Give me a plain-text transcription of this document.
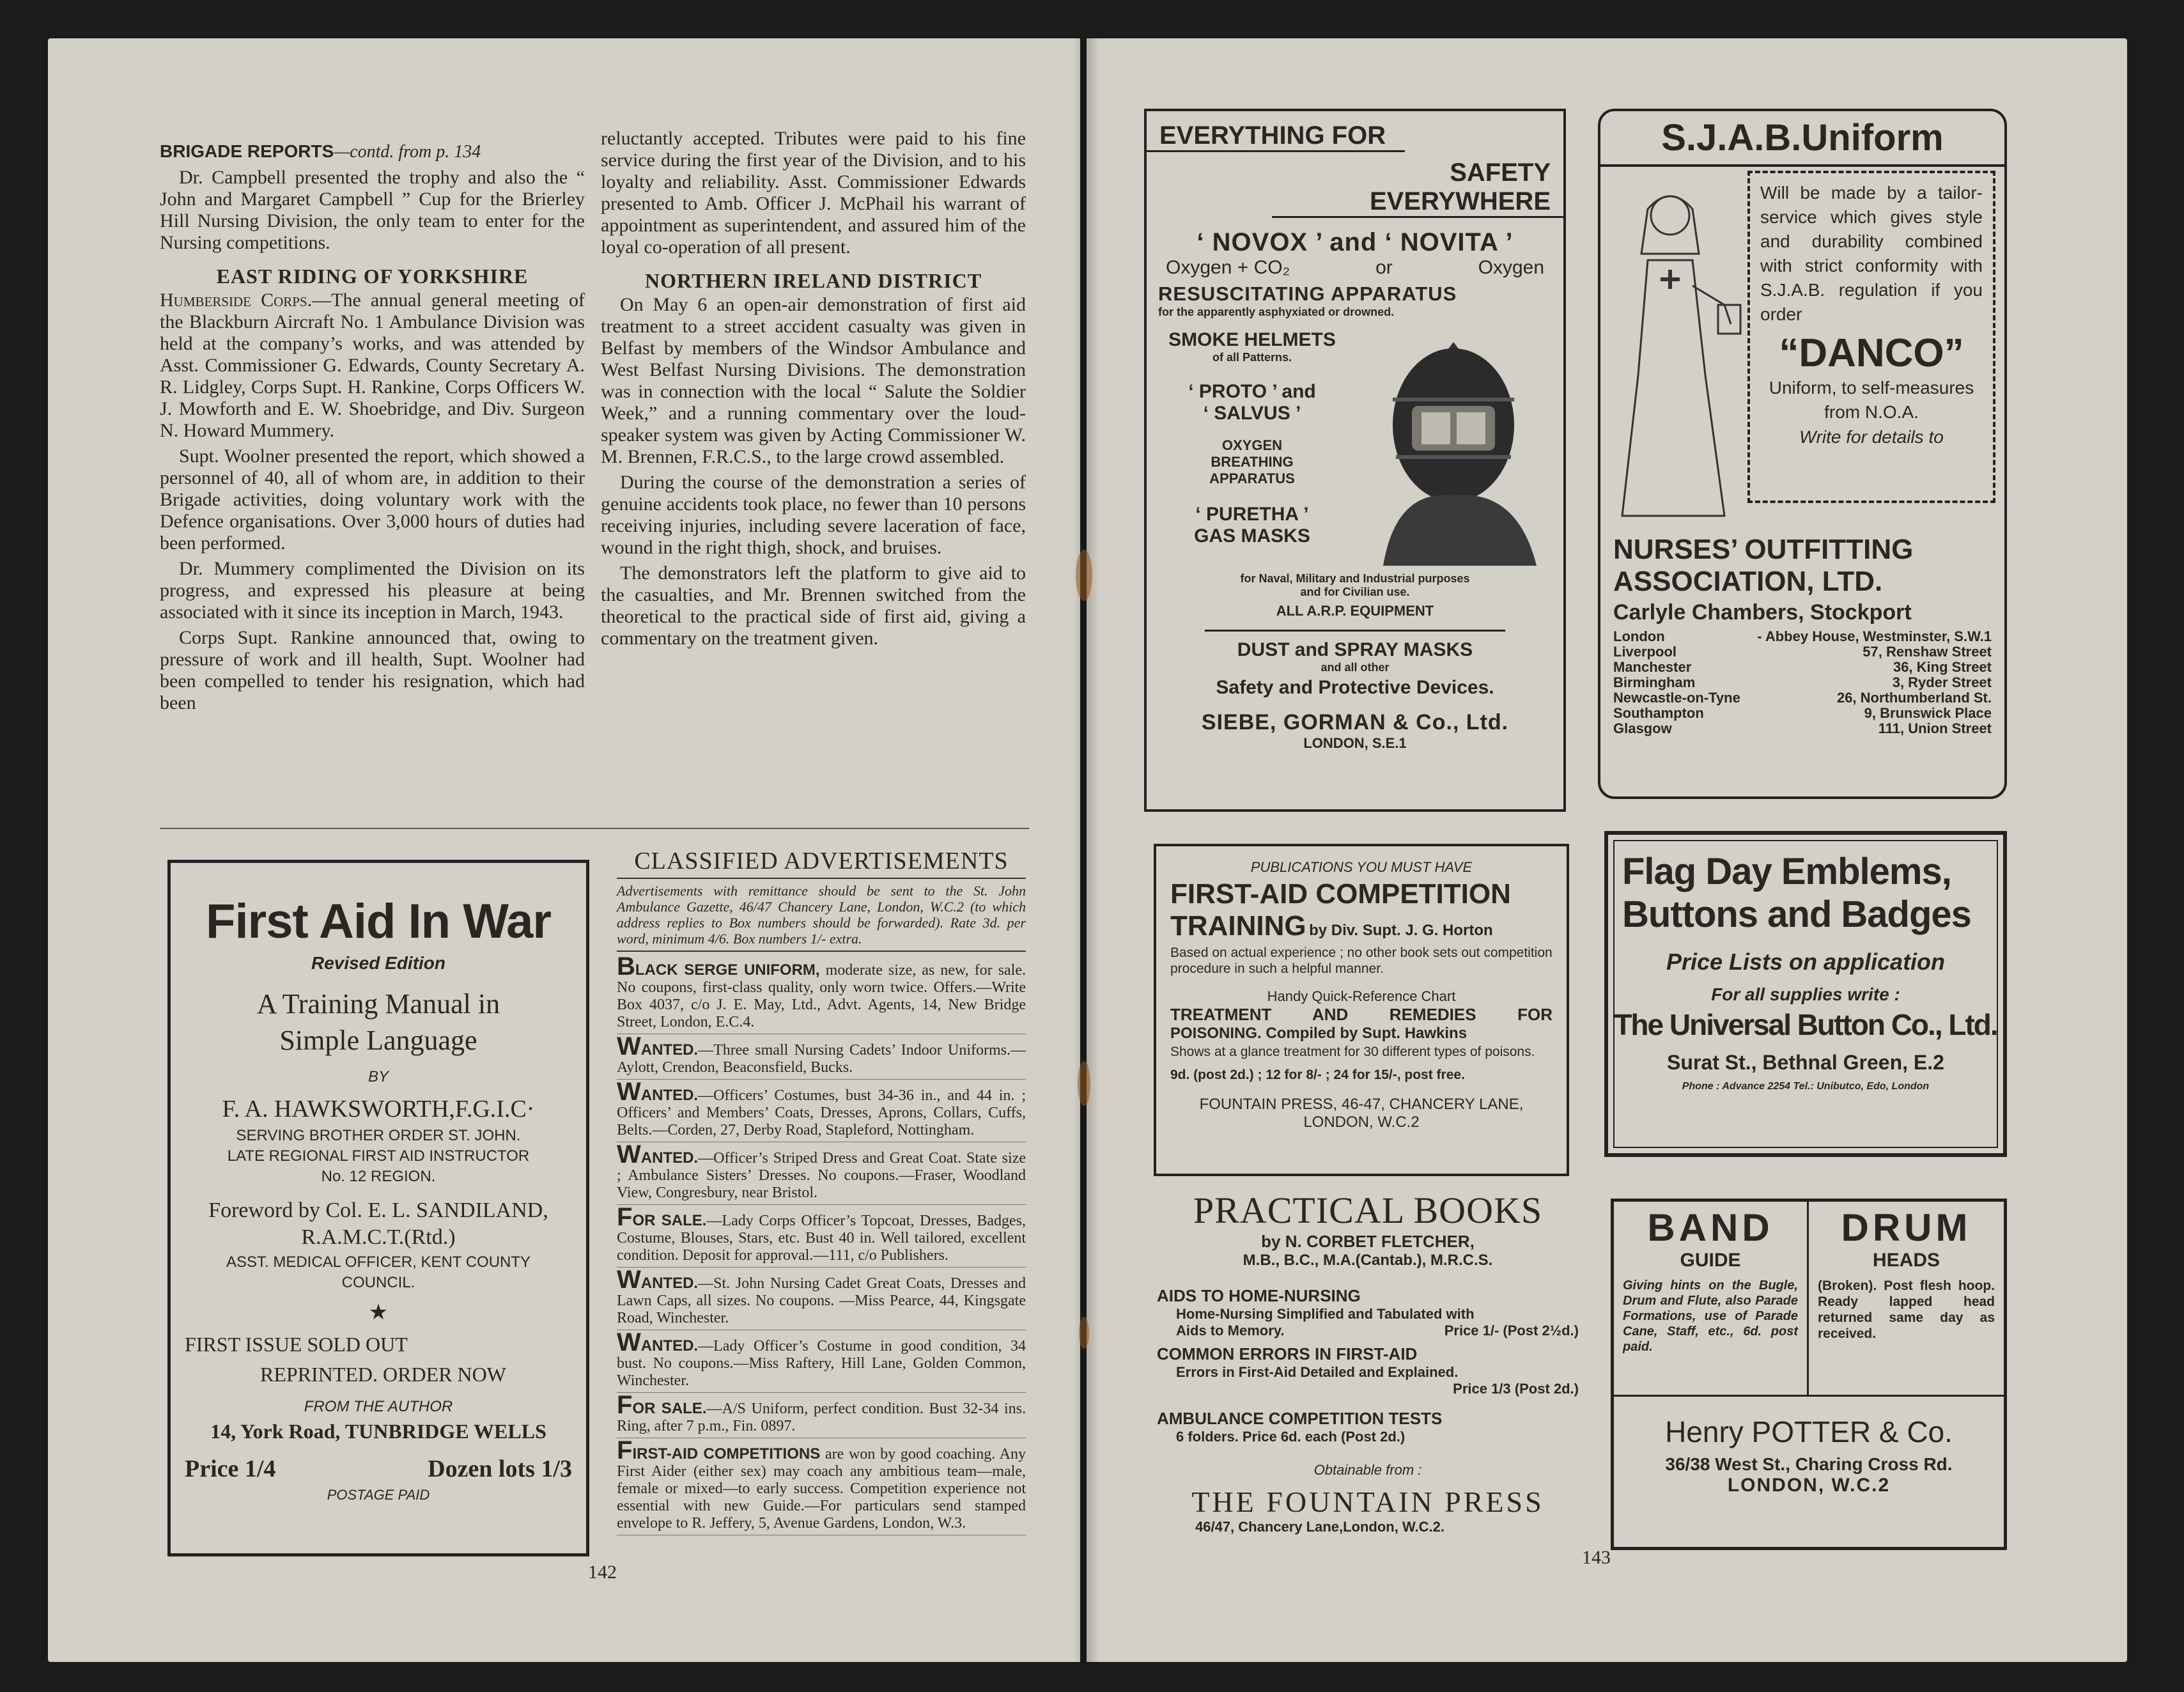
BRIGADE REPORTS—contd. from p. 134

Dr. Campbell presented the trophy and also the “ John and Margaret Campbell ” Cup for the Brierley Hill Nursing Division, the only team to enter for the Nursing competitions.

EAST RIDING OF YORKSHIRE

Humberside Corps.—The annual general meeting of the Blackburn Aircraft No. 1 Ambulance Division was held at the company’s works, and was attended by Asst. Commissioner G. Edwards, County Secretary A. R. Lidgley, Corps Supt. H. Rankine, Corps Officers W. J. Mowforth and E. W. Shoebridge, and Div. Surgeon N. Howard Mummery.

Supt. Woolner presented the report, which showed a personnel of 40, all of whom are, in addition to their Brigade activities, doing voluntary work with the Defence organisations. Over 3,000 hours of duties had been performed.

Dr. Mummery complimented the Division on its progress, and expressed his pleasure at being associated with it since its inception in March, 1943.

Corps Supt. Rankine announced that, owing to pressure of work and ill health, Supt. Woolner had been compelled to tender his resignation, which had been

reluctantly accepted. Tributes were paid to his fine service during the first year of the Division, and to his loyalty and reliability. Asst. Commissioner Edwards presented to Amb. Officer J. McPhail his warrant of appointment as superintendent, and assured him of the loyal co-operation of all present.

NORTHERN IRELAND DISTRICT

On May 6 an open-air demonstration of first aid treatment to a street accident casualty was given in Belfast by members of the Windsor Ambulance and West Belfast Nursing Divisions. The demonstration was in connection with the local “ Salute the Soldier Week,” and a running commentary over the loud-speaker system was given by Acting Commissioner W. M. Brennen, F.R.C.S., to the large crowd assembled.

During the course of the demonstration a series of genuine accidents took place, no fewer than 10 persons receiving injuries, including severe laceration of face, wound in the right thigh, shock, and bruises.

The demonstrators left the platform to give aid to the casualties, and Mr. Brennen switched from the theoretical to the practical side of first aid, giving a commentary on the treatment given.

First Aid In War
Revised Edition
A Training Manual in
Simple Language
BY
F. A. HAWKSWORTH,F.G.I.C·
SERVING BROTHER ORDER ST. JOHN.
LATE REGIONAL FIRST AID INSTRUCTOR
No. 12 REGION.
Foreword by Col. E. L. SANDILAND,
R.A.M.C.T.(Rtd.)
ASST. MEDICAL OFFICER, KENT COUNTY
COUNCIL.
★
FIRST ISSUE SOLD OUT
REPRINTED. ORDER NOW
FROM THE AUTHOR
14, York Road, TUNBRIDGE WELLS
Price 1/4	Dozen lots 1/3
POSTAGE PAID
CLASSIFIED ADVERTISEMENTS
Advertisements with remittance should be sent to the St. John Ambulance Gazette, 46/47 Chancery Lane, London, W.C.2 (to which address replies to Box numbers should be forwarded). Rate 3d. per word, minimum 4/6. Box numbers 1/- extra.
BLACK SERGE UNIFORM, moderate size, as new, for sale. No coupons, first-class quality, only worn twice. Offers.—Write Box 4037, c/o J. E. May, Ltd., Advt. Agents, 14, New Bridge Street, London, E.C.4.
WANTED.—Three small Nursing Cadets’ Indoor Uniforms.—Aylott, Crendon, Beaconsfield, Bucks.
WANTED.—Officers’ Costumes, bust 34-36 in., and 44 in. ; Officers’ and Members’ Coats, Dresses, Aprons, Collars, Cuffs, Belts.—Corden, 27, Derby Road, Stapleford, Nottingham.
WANTED.—Officer’s Striped Dress and Great Coat. State size ; Ambulance Sisters’ Dresses. No coupons.—Fraser, Woodland View, Congresbury, near Bristol.
FOR SALE.—Lady Corps Officer’s Topcoat, Dresses, Badges, Costume, Blouses, Stars, etc. Bust 40 in. Well tailored, excellent condition. Deposit for approval.—111, c/o Publishers.
WANTED.—St. John Nursing Cadet Great Coats, Dresses and Lawn Caps, all sizes. No coupons. —Miss Pearce, 44, Kingsgate Road, Winchester.
WANTED.—Lady Officer’s Costume in good condition, 34 bust. No coupons.—Miss Raftery, Hill Lane, Golden Common, Winchester.
FOR SALE.—A/S Uniform, perfect condition. Bust 32-34 ins. Ring, after 7 p.m., Fin. 0897.
FIRST-AID COMPETITIONS are won by good coaching. Any First Aider (either sex) may coach any ambitious team—male, female or mixed—to early success. Competition experience not essential with new Guide.—For particulars send stamped envelope to R. Jeffery, 5, Avenue Gardens, London, W.3.
142
EVERYTHING FOR
SAFETY EVERYWHERE
‘ NOVOX ’ and ‘ NOVITA ’
Oxygen + CO₂	or	Oxygen
RESUSCITATING APPARATUS
for the apparently asphyxiated or drowned.
SMOKE HELMETS
of all Patterns.
‘ PROTO ’ and
‘ SALVUS ’
OXYGEN
BREATHING
APPARATUS
‘ PURETHA ’
GAS MASKS
for Naval, Military and Industrial purposes
and for Civilian use.
ALL A.R.P. EQUIPMENT
DUST and SPRAY MASKS
and all other
Safety and Protective Devices.
SIEBE, GORMAN & Co., Ltd.
LONDON, S.E.1
S.J.A.B.Uniform
Will be made by a tailor-service which gives style and durability combined with strict conformity with S.J.A.B. regulation if you order
“DANCO”
Uniform, to self-measures from N.O.A.
Write for details to
NURSES’ OUTFITTING
ASSOCIATION, LTD.
Carlyle Chambers, Stockport
London	- Abbey House, Westminster, S.W.1
Liverpool	57, Renshaw Street
Manchester	36, King Street
Birmingham	3, Ryder Street
Newcastle-on-Tyne	26, Northumberland St.
Southampton	9, Brunswick Place
Glasgow	111, Union Street
PUBLICATIONS YOU MUST HAVE
FIRST-AID COMPETITION
TRAINING by Div. Supt. J. G. Horton
Based on actual experience ; no other book sets out competition procedure in such a helpful manner.
Handy Quick-Reference Chart
TREATMENT AND REMEDIES FOR
POISONING. Compiled by Supt. Hawkins
Shows at a glance treatment for 30 different types of poisons.
9d. (post 2d.) ; 12 for 8/- ; 24 for 15/-, post free.
FOUNTAIN PRESS, 46-47, CHANCERY LANE,
LONDON, W.C.2
PRACTICAL BOOKS
by N. CORBET FLETCHER,
M.B., B.C., M.A.(Cantab.), M.R.C.S.
AIDS TO HOME-NURSING
Home-Nursing Simplified and Tabulated with
Aids to Memory.	Price 1/- (Post 2½d.)
COMMON ERRORS IN FIRST-AID
Errors in First-Aid Detailed and Explained.
Price 1/3 (Post 2d.)
AMBULANCE COMPETITION TESTS
6 folders. Price 6d. each (Post 2d.)
Obtainable from :
THE FOUNTAIN PRESS
46/47, Chancery Lane,London, W.C.2.
Flag Day Emblems,
Buttons and Badges
Price Lists on application
For all supplies write :
The Universal Button Co., Ltd.
Surat St., Bethnal Green, E.2
Phone : Advance 2254 Tel.: Unibutco, Edo, London
BAND
GUIDE
Giving hints on the Bugle, Drum and Flute, also Parade Formations, use of Parade Cane, Staff, etc., 6d. post paid.
DRUM
HEADS
(Broken). Post flesh hoop. Ready lapped head returned same day as received.
Henry POTTER & Co.
36/38 West St., Charing Cross Rd.
LONDON, W.C.2
143
